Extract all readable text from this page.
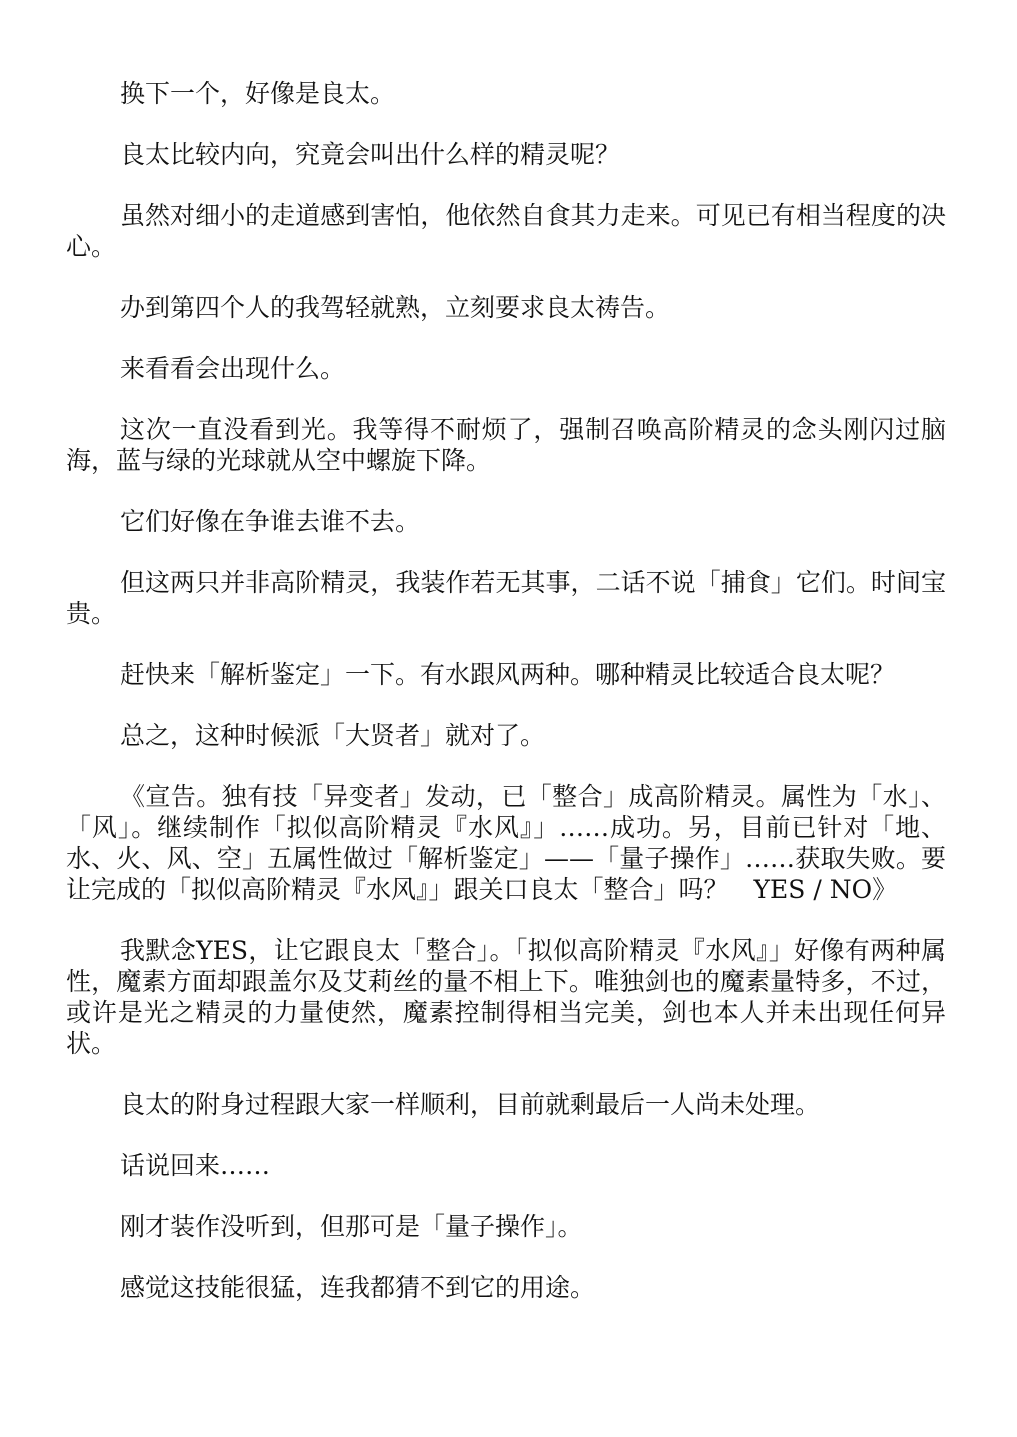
换下一个，好像是良太。

良太比较内向，究竟会叫出什么样的精灵呢？

虽然对细小的走道感到害怕，他依然自食其力走来。可见已有相当程度的决心。

办到第四个人的我驾轻就熟，立刻要求良太祷告。

来看看会出现什么。

这次一直没看到光。我等得不耐烦了，强制召唤高阶精灵的念头刚闪过脑海，蓝与绿的光球就从空中螺旋下降。

它们好像在争谁去谁不去。

但这两只并非高阶精灵，我装作若无其事，二话不说「捕食」它们。时间宝贵。

赶快来「解析鉴定」一下。有水跟风两种。哪种精灵比较适合良太呢？

总之，这种时候派「大贤者」就对了。

《宣告。独有技「异变者」发动，已「整合」成高阶精灵。属性为「水」、「风」。继续制作「拟似高阶精灵『水风』」……成功。另，目前已针对「地、水、火、风、空」五属性做过「解析鉴定」——「量子操作」……获取失败。要让完成的「拟似高阶精灵『水风』」跟关口良太「整合」吗？　YES / NO》

我默念YES，让它跟良太「整合」。「拟似高阶精灵『水风』」好像有两种属性，魔素方面却跟盖尔及艾莉丝的量不相上下。唯独剑也的魔素量特多，不过，或许是光之精灵的力量使然，魔素控制得相当完美，剑也本人并未出现任何异状。

良太的附身过程跟大家一样顺利，目前就剩最后一人尚未处理。

话说回来……

刚才装作没听到，但那可是「量子操作」。

感觉这技能很猛，连我都猜不到它的用途。
